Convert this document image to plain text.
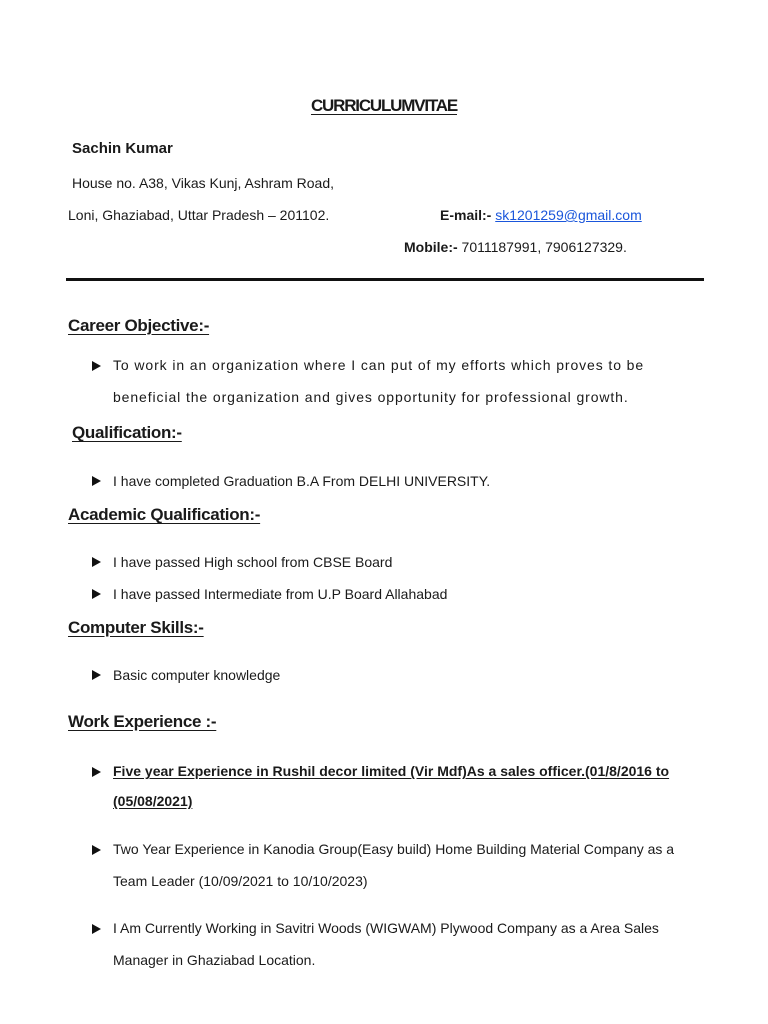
CURRICULUMVITAE
Sachin Kumar
House no. A38, Vikas Kunj, Ashram Road,
Loni, Ghaziabad, Uttar Pradesh – 201102.	E-mail:- sk1201259@gmail.com
Mobile:- 7011187991, 7906127329.
Career Objective:-
To work in an organization where I can put of my efforts which proves to be
beneficial the organization and gives opportunity for professional growth.
Qualification:-
I have completed Graduation B.A From DELHI UNIVERSITY.
Academic Qualification:-
I have passed High school from CBSE Board
I have passed Intermediate from U.P Board Allahabad
Computer Skills:-
Basic computer knowledge
Work Experience :-
Five year Experience in Rushil decor limited (Vir Mdf)As a sales officer.(01/8/2016 to
(05/08/2021)
Two Year Experience in Kanodia Group(Easy build) Home Building Material Company as a
Team Leader (10/09/2021 to 10/10/2023)
I Am Currently Working in Savitri Woods (WIGWAM) Plywood Company as a Area Sales
Manager in Ghaziabad Location.
